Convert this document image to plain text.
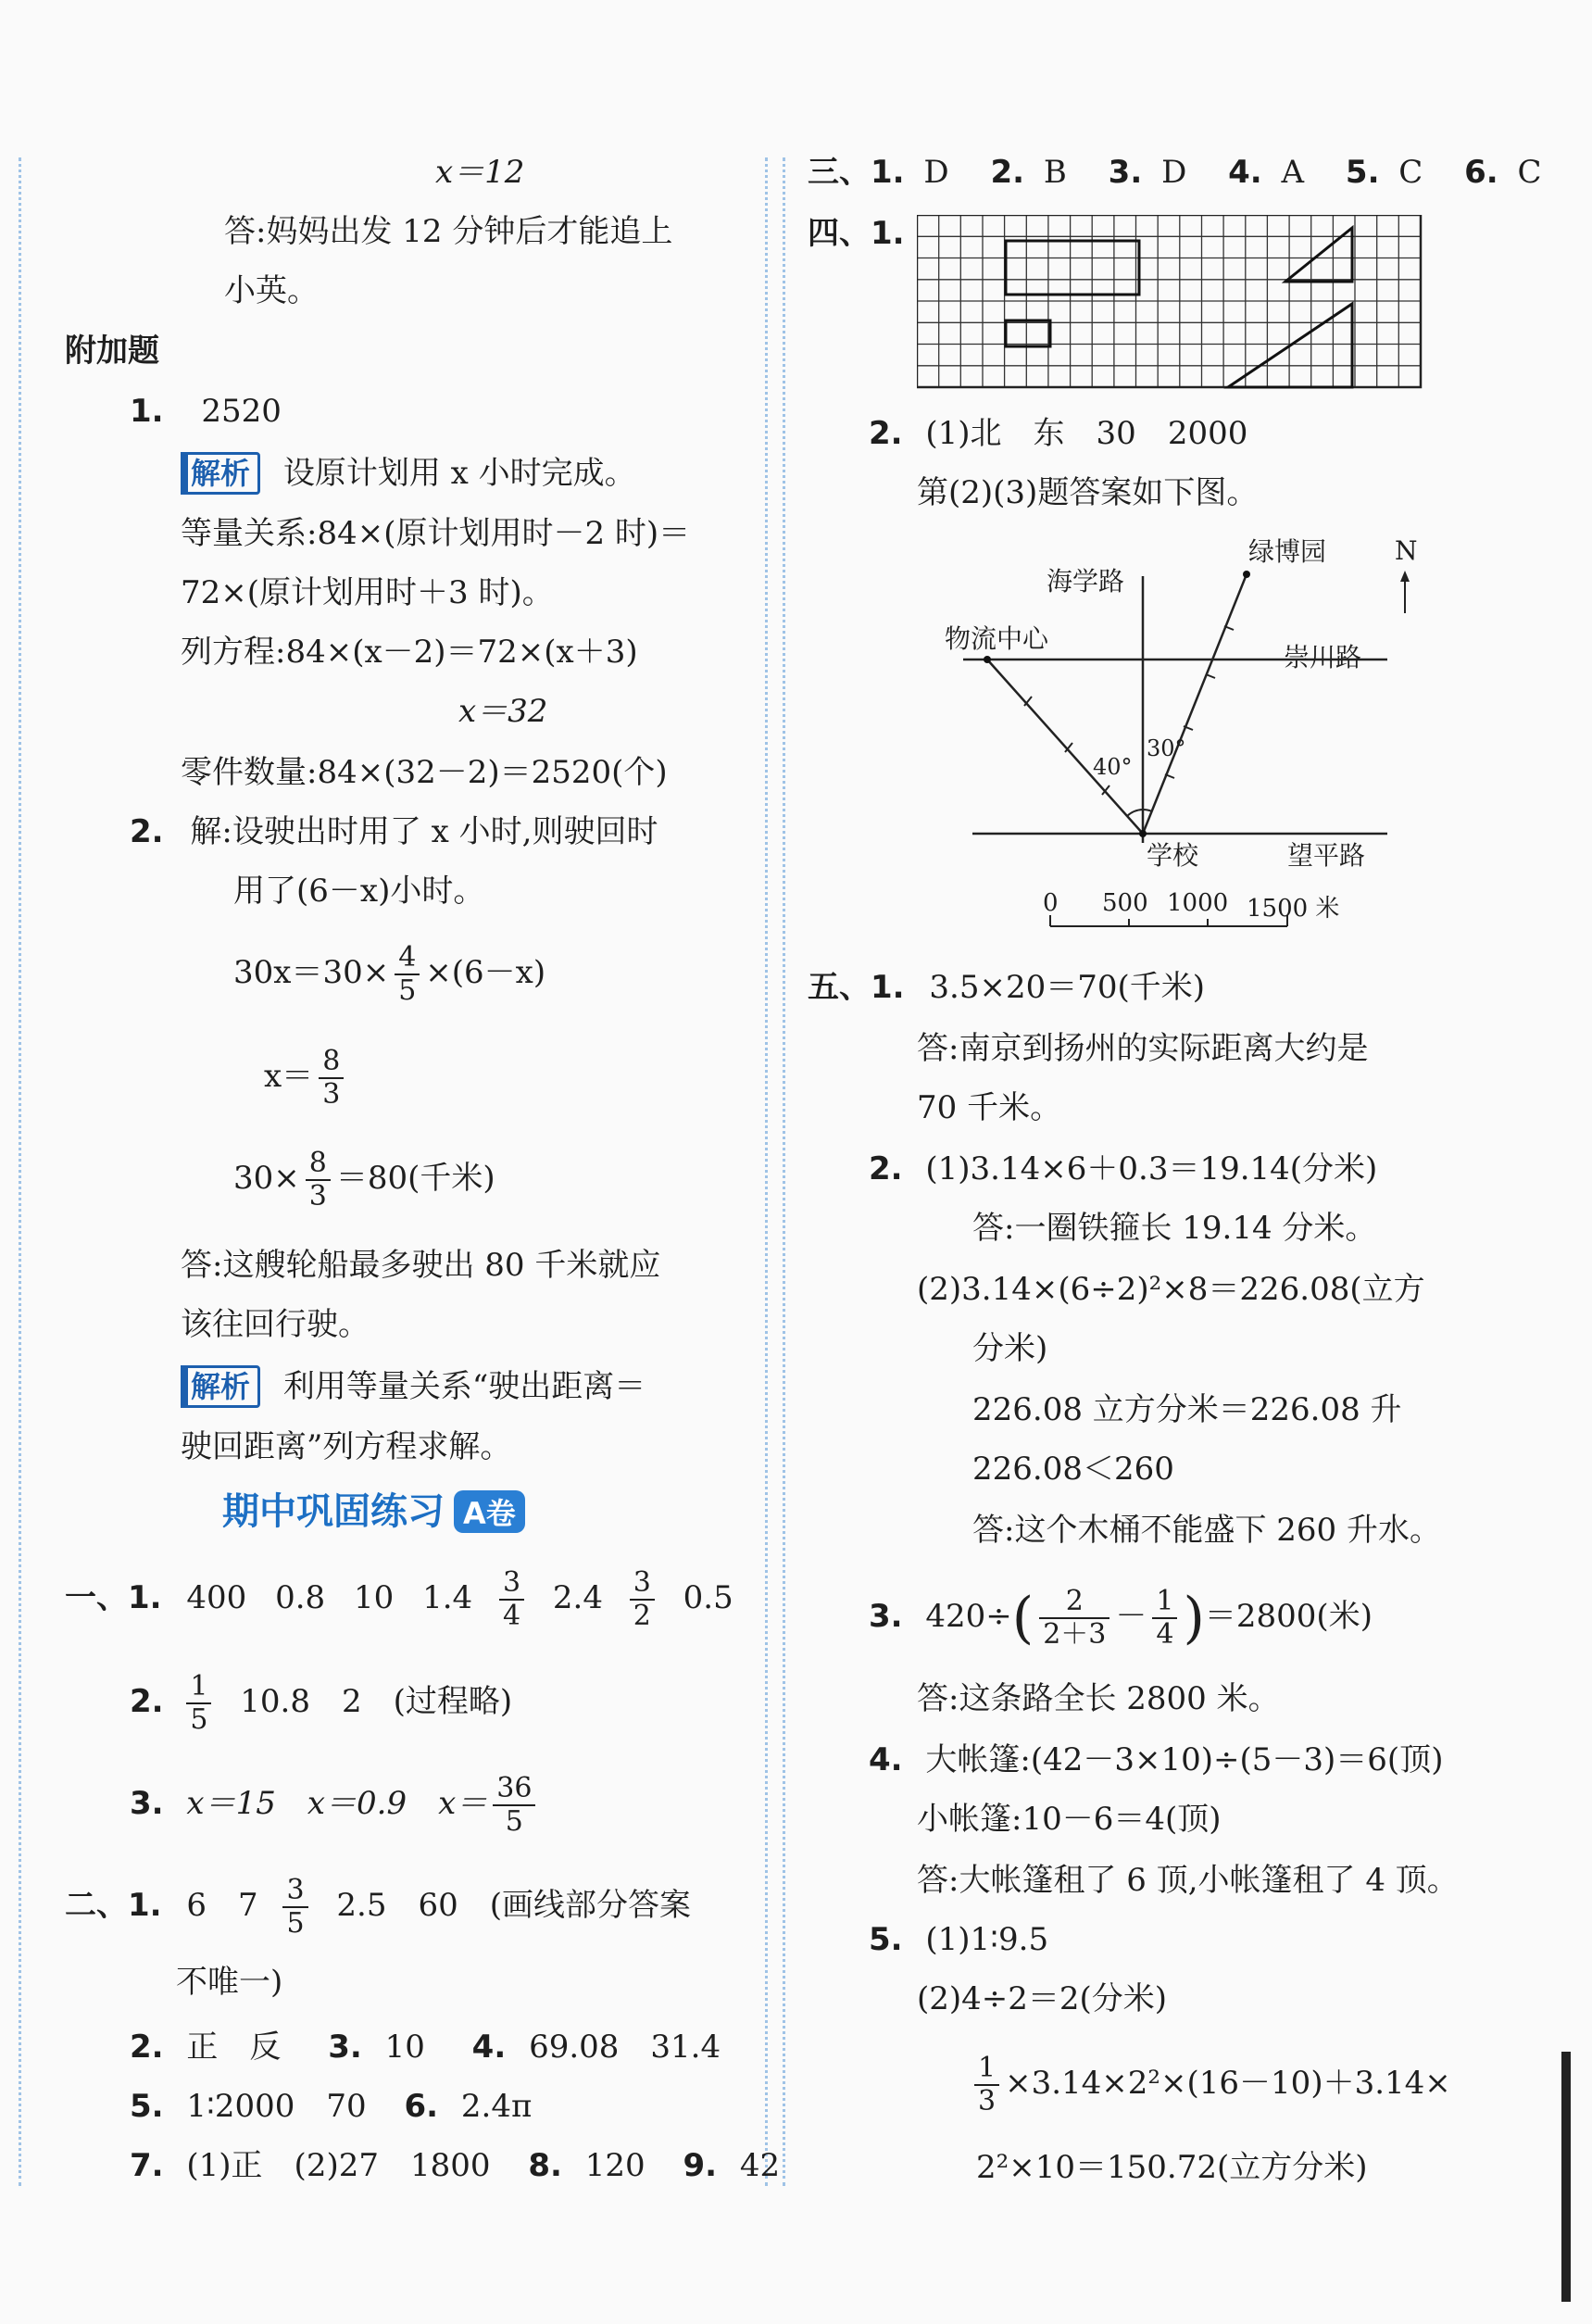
x＝12
答:妈妈出发 12 分钟后才能追上
小英。
附加题
1. 2520
解析 设原计划用 x 小时完成。
等量关系:84×(原计划用时－2 时)＝
72×(原计划用时＋3 时)。
列方程:84×(x－2)＝72×(x＋3)
x＝32
零件数量:84×(32－2)＝2520(个)
2. 解:设驶出时用了 x 小时,则驶回时
用了(6－x)小时。
$30x=30\times \frac{4}{5} \times(6-x)$
$x= \frac{8}{3}$
$30\times \frac{8}{3} =80$(千米)
答:这艘轮船最多驶出 80 千米就应
该往回行驶。
解析 利用等量关系“驶出距离＝
驶回距离”列方程求解。
期中巩固练习 A卷
一、1. 400 0.8 10 $1.4 \frac{3}{4} 2.4 \frac{3}{2} 0.5$
2. $\frac{1}{5} 10.8$　2　(过程略)
3. x＝15　x＝0.9　$x= \frac{36}{5}$
二、1. 6　$7 \frac{3}{5} 2.5$　60　(画线部分答案
不唯一)
2. 正　反 3. 10 4. 69.08　31.4
5. 1∶2000　70 6. 2.4π
7. (1)正　(2)27　1800 8. 120 9. 42
三、1. D 2. B 3. D 4. A 5. C 6. C
四、1.
2. (1)北　东　30　2000
第(2)(3)题答案如下图。
N
海学路
绿博园
物流中心
崇川路
学校	望平路
40°
30°
0 500 1000 1500 米
五、1. 3.5×20＝70(千米)
答:南京到扬州的实际距离大约是
70 千米。
2. (1)3.14×6＋0.3＝19.14(分米)
答:一圈铁箍长 19.14 分米。
(2)3.14×(6÷2)²×8＝226.08(立方
分米)
226.08 立方分米＝226.08 升
226.08＜260
答:这个木桶不能盛下 260 升水。
3. $420\div( \frac{2}{2+3} - \frac{1}{4} )=2800$(米)
答:这条路全长 2800 米。
4. 大帐篷:(42－3×10)÷(5－3)＝6(顶)
小帐篷:10－6＝4(顶)
答:大帐篷租了 6 顶,小帐篷租了 4 顶。
5. (1)1∶9.5
(2)4÷2＝2(分米)
$\frac{1}{3} \times 3.14\times 2^2\times(16-10)+3.14\times$
2²×10＝150.72(立方分米)
